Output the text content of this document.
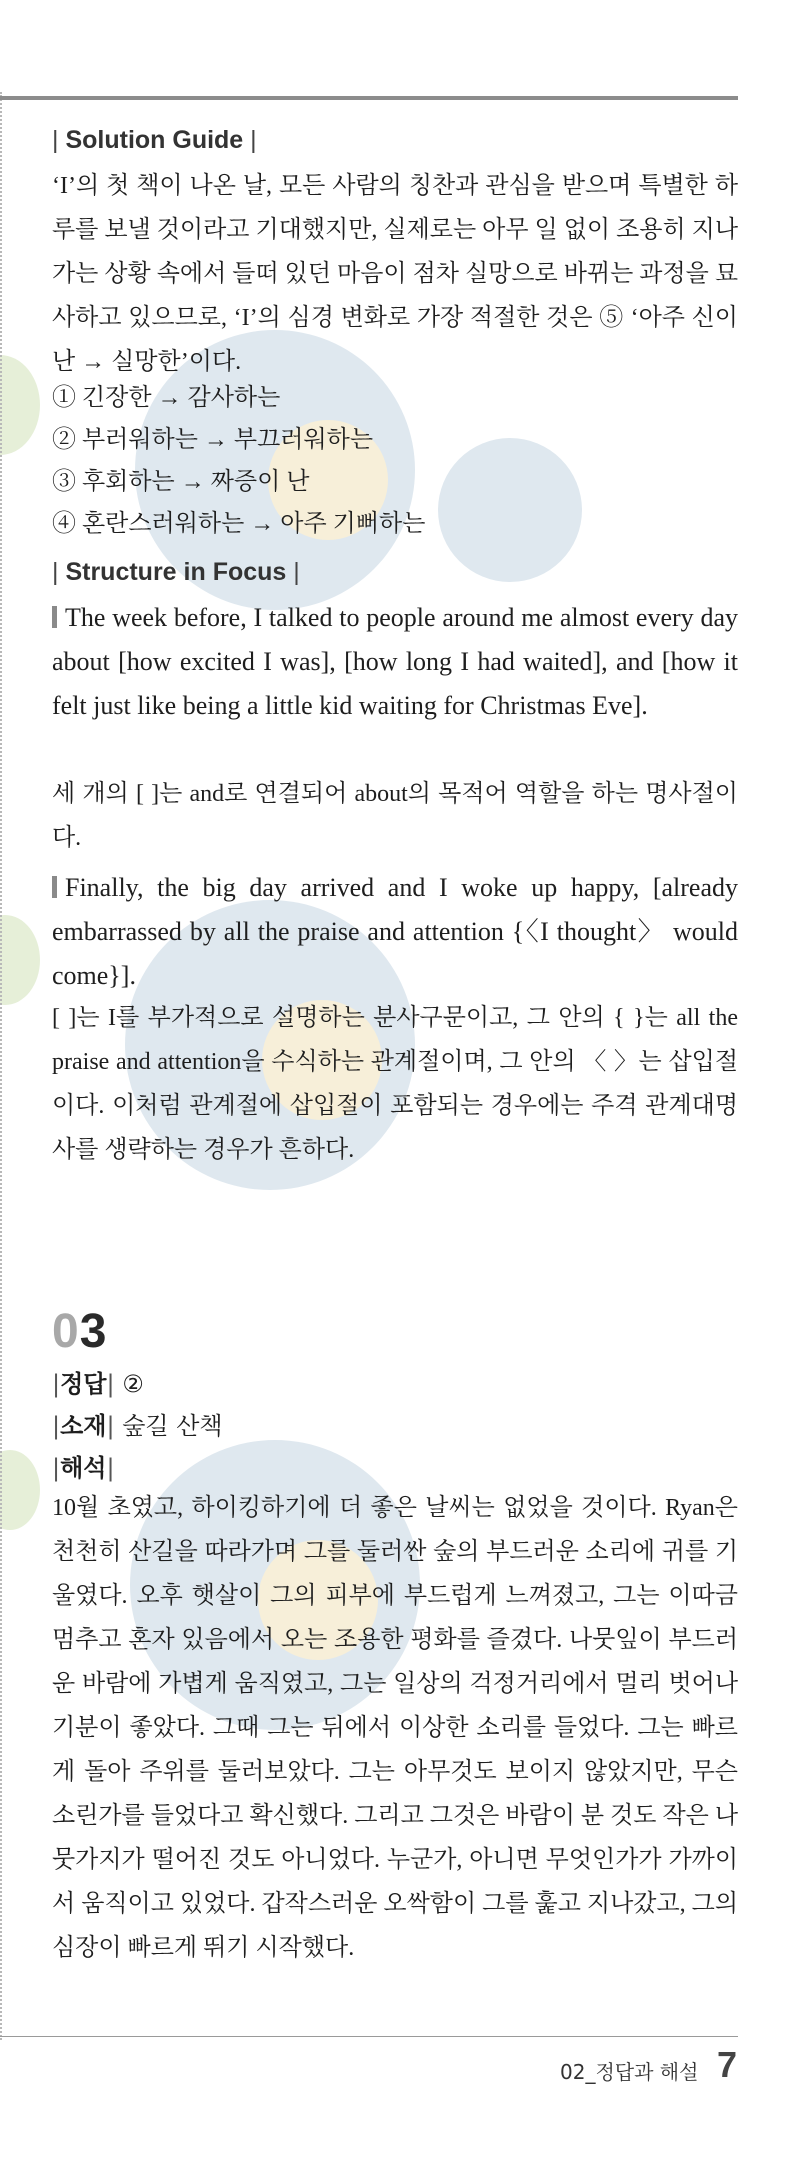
| Solution Guide |
‘I’의 첫 책이 나온 날, 모든 사람의 칭찬과 관심을 받으며 특별한 하루를 보낼 것이라고 기대했지만, 실제로는 아무 일 없이 조용히 지나가는 상황 속에서 들떠 있던 마음이 점차 실망으로 바뀌는 과정을 묘사하고 있으므로, ‘I’의 심경 변화로 가장 적절한 것은 ⑤ ‘아주 신이 난 → 실망한’이다.
① 긴장한 → 감사하는
② 부러워하는 → 부끄러워하는
③ 후회하는 → 짜증이 난
④ 혼란스러워하는 → 아주 기뻐하는
| Structure in Focus |
The week before, I talked to people around me almost every day about [how excited I was], [how long I had waited], and [how it felt just like being a little kid waiting for Christmas Eve].
세 개의 [ ]는 and로 연결되어 about의 목적어 역할을 하는 명사절이다.
Finally, the big day arrived and I woke up happy, [already embarrassed by all the praise and attention {〈I thought〉 would come}].
[ ]는 I를 부가적으로 설명하는 분사구문이고, 그 안의 { }는 all the praise and attention을 수식하는 관계절이며, 그 안의 〈 〉는 삽입절이다. 이처럼 관계절에 삽입절이 포함되는 경우에는 주격 관계대명사를 생략하는 경우가 흔하다.
03
|정답| ②
|소재| 숲길 산책
|해석|
10월 초였고, 하이킹하기에 더 좋은 날씨는 없었을 것이다. Ryan은 천천히 산길을 따라가며 그를 둘러싼 숲의 부드러운 소리에 귀를 기울였다. 오후 햇살이 그의 피부에 부드럽게 느껴졌고, 그는 이따금 멈추고 혼자 있음에서 오는 조용한 평화를 즐겼다. 나뭇잎이 부드러운 바람에 가볍게 움직였고, 그는 일상의 걱정거리에서 멀리 벗어나 기분이 좋았다. 그때 그는 뒤에서 이상한 소리를 들었다. 그는 빠르게 돌아 주위를 둘러보았다. 그는 아무것도 보이지 않았지만, 무슨 소린가를 들었다고 확신했다. 그리고 그것은 바람이 분 것도 작은 나뭇가지가 떨어진 것도 아니었다. 누군가, 아니면 무엇인가가 가까이서 움직이고 있었다. 갑작스러운 오싹함이 그를 훑고 지나갔고, 그의 심장이 빠르게 뛰기 시작했다.
02_정답과 해설 7
